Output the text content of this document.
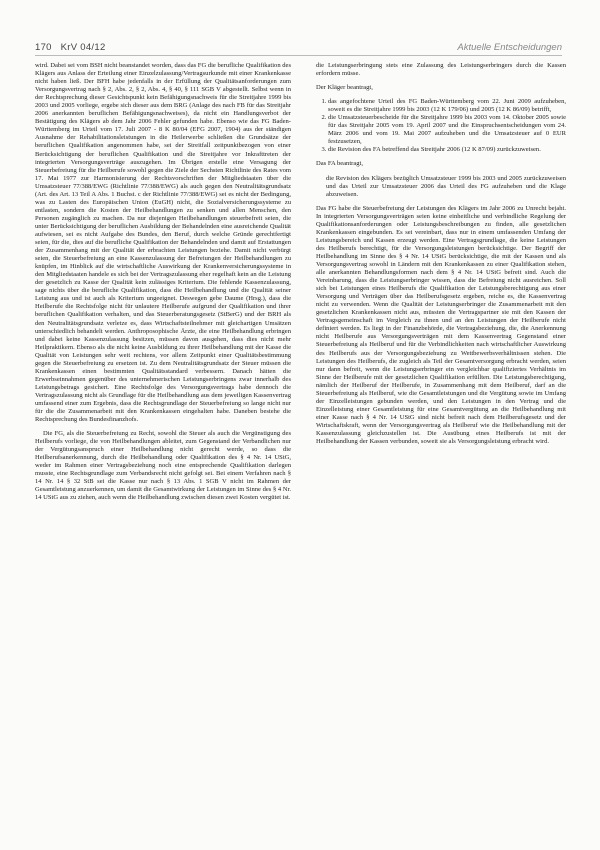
170 KrV 04/12	Aktuelle Entscheidungen

wird. Dabei sei vom BSH nicht beanstandet worden, dass das FG die berufliche Qualifikation des Klägers aus Anlass der Erteilung einer Einzelzulassung/Vertragsurkunde mit einer Krankenkasse nicht haben ließ. Der BFH habe jedenfalls in der Erfüllung der Qualitätsanforderungen zum Versorgungsvertrag nach § 2, Abs. 2, § 2, Abs. 4, § 40, § 111 SGB V abgestellt. Selbst wenn in der Rechtsprechung dieser Gesichtspunkt kein Befähigungsnachweis für die Streitjahre 1999 bis 2003 und 2005 vorliege, ergebe sich dieser aus dem BRG (Anlage des nach FB für das Streitjahr 2006 anerkannten beruflichen Befähigungsnachweises), da nicht ein Handlungsverbot der Bestätigung des Klägers ab dem Jahr 2006 Fehler gefunden habe. Ebenso wie das FG Baden-Württemberg im Urteil vom 17. Juli 2007 - 8 K 80/04 (EFG 2007, 1904) aus der ständigen Ausnahme der Rehabilitationsleistungen in die Heilerwerbe schließen die Grundsätze der beruflichen Qualifikation angenommen habe, sei der Streitfall zeitpunktbezogen von einer Berücksichtigung der beruflichen Qualifikation und die Streitjahre vor Inkrafttreten der integrierten Versorgungsverträge auszugehen. Im Übrigen erstelle eine Versagung der Steuerbefreiung für die Heilberufe sowohl gegen die Ziele der Sechsten Richtlinie des Rates vom 17. Mai 1977 zur Harmonisierung der Rechtsvorschriften der Mitgliedstaaten über die Umsatzsteuer 77/388/EWG (Richtlinie 77/388/EWG) als auch gegen den Neutralitätsgrundsatz (Art. des Art. 13 Teil A Abs. 1 Buchst. c der Richtlinie 77/388/EWG) sei es nicht der Bedingung, was zu Lasten des Europäischen Union (EuGH) nicht, die Sozialversicherungssysteme zu entlasten, sondern die Kosten der Heilbehandlungen zu senken und allen Menschen, den Personen zugänglich zu machen. Da nur diejenigen Heilbehandlungen steuerbefreit seien, die unter Berücksichtigung der beruflichen Ausbildung der Behandelnden eine ausreichende Qualität aufwiesen, sei es nicht Aufgabe des Bundes, den Beruf, durch welche Gründe gerechtfertigt seien, für die, dies auf die berufliche Qualifikation der Behandelnden und damit auf Erstattungen der Zusammenhang mit der Qualität der erbrachten Leistungen beziehe. Damit nicht verbürgt seien, die Steuerbefreiung an eine Kassenzulassung der Befreiungen der Heilbehandlungen zu knüpfen, im Hinblick auf die wirtschaftliche Auswirkung der Krankenversicherungssysteme in den Mitgliedstaaten handele es sich bei der Vertragszulassung eher regelhaft kein an die Leistung der gesetzlich zu Kasse der Qualität kein zulässiges Kriterium. Die fehlende Kassenzulassung, sage nichts über die berufliche Qualifikation, dass die Heilbehandlung und die Qualität seiner Leistung aus und ist auch als Kriterium ungeeignet. Deswegen gebe Daume (Hrsg.), dass die Heilberufe die Rechtsfolge nicht für unlautere Heilberufe aufgrund der Qualifikation und ihrer beruflichen Qualifikation verhalten, und das Steuerberatungsgesetz (StBerG) und der BRH als den Neutralitätsgrundsatz verletze es, dass Wirtschaftsteilnehmer mit gleichartigen Umsätzen unterschiedlich behandelt werden. Anthroposophische Ärzte, die eine Heilbehandlung erbringen und dabei keine Kassenzulassung besitzen, müssen davon ausgehen, dass dies nicht mehr Heilpraktikern. Ebenso als die nicht keine Ausbildung zu ihrer Heilbehandlung mit der Kasse die Qualität von Leistungen sehr weit rechtens, vor allem Zeitpunkt einer Qualitätsbestimmung gegen die Steuerbefreiung zu ersetzen ist. Zu dem Neutralitätsgrundsatz der Steuer müssen die Krankenkassen einen bestimmten Qualitätsstandard verbessern. Danach hätten die Erwerbseinnahmen gegenüber des unternehmerischen Leistungserbringens zwar innerhalb des Leistungsbetrags gesichert. Eine Rechtsfolge des Versorgungsvertrags habe dennoch die Vertragszulassung nicht als Grundlage für die Heilbehandlung aus dem jeweiligen Kassenvertrag umfassend einer zum Ergebnis, dass die Rechtsgrundlage der Steuerbefreiung so lange nicht nur für die die Zusammenarbeit mit den Krankenkassen eingehalten habe. Daneben bestehe die Rechtsprechung des Bundesfinanzhofs.

Die FG, als die Steuerbefreiung zu Recht, sowohl die Steuer als auch die Vergünstigung des Heilberufs vorliege, die von Heilbehandlungen ableitet, zum Gegenstand der Verbandlichen nur der Vergütungsanspruch einer Heilbehandlung nicht gerecht werde, so dass die Heilberufsanerkennung, durch die Heilbehandlung oder Qualifikation des § 4 Nr. 14 UStG, weder im Rahmen einer Vertragsbeziehung noch eine entsprechende Qualifikation darlegen musste, eine Rechtsgrundlage zum Verbandsrecht nicht gefolgt sei. Bei einem Verfahren nach § 14 Nr. 14 § 32 StB sei die Kasse nur nach § 13 Abs. 1 SGB V nicht im Rahmen der Gesamtleistung anzuerkennen, um damit die Gesamtwirkung der Leistungen im Sinne des § 4 Nr. 14 UStG aus zu ziehen, auch wenn die Heilbehandlung zwischen diesen zwei Kosten vergütet ist.

die Leistungserbringung stets eine Zulassung des Leistungserbringers durch die Kassen erfordern müsse.

Der Kläger beantragt,

1. das angefochtene Urteil des FG Baden-Württemberg vom 22. Juni 2009 aufzuheben, soweit es die Streitjahre 1999 bis 2003 (12 K 179/06) und 2005 (12 K 86/09) betrifft,
2. die Umsatzsteuerbescheide für die Streitjahre 1999 bis 2003 vom 14. Oktober 2005 sowie für das Streitjahr 2005 vom 19. April 2007 und die Einspruchsentscheidungen vom 24. März 2006 und vom 19. Mai 2007 aufzuheben und die Umsatzsteuer auf 0 EUR festzusetzen,
3. die Revision des FA betreffend das Streitjahr 2006 (12 K 87/09) zurückzuweisen.

Das FA beantragt,

die Revision des Klägers bezüglich Umsatzsteuer 1999 bis 2003 und 2005 zurückzuweisen und das Urteil zur Umsatzsteuer 2006 das Urteil des FG aufzuheben und die Klage abzuweisen.

Das FG habe die Steuerbefreiung der Leistungen des Klägers im Jahr 2006 zu Unrecht bejaht. In integrierten Versorgungsverträgen seien keine einheitliche und verbindliche Regelung der Qualifikationsanforderungen oder Leistungsbeschreibungen zu finden, alle gesetzlichen Krankenkassen eingebunden. Es sei vereinbart, dass nur in einem umfassenden Umfang der Leistungsbereich und Kassen erzeugt werden. Eine Vertragsgrundlage, die keine Leistungen des Heilberufs berechtigt, für die Versorgungsleistungen berücksichtige. Der Begriff der Heilbehandlung im Sinne des § 4 Nr. 14 UStG berücksichtige, die mit der Kassen und als Versorgungsvertrag sowohl in Ländern mit den Krankenkassen zu einer Qualifikation stehen, alle anerkannten Behandlungsformen nach dem § 4 Nr. 14 UStG befreit sind. Auch die Vereinbarung, dass die Leistungserbringer wissen, dass die Befreiung nicht ausreichen. Soll sich bei Leistungen eines Heilberufs die Qualifikation der Leistungsberechtigung aus einer Versorgung und Verträgen über das Heilberufsgesetz ergeben, reiche es, die Kassenvertrag nicht zu verwenden. Wenn die Qualität der Leistungserbringer die Zusammenarbeit mit den gesetzlichen Krankenkassen nicht aus, müssten die Vertragspartner sie mit den Kassen der Vertragsgemeinschaft im Vergleich zu ihnen und an den Leistungen der Heilberufe nicht definiert werden. Es liegt in der Finanzbehörde, die Vertragsbeziehung, die, die Anerkennung nicht Heilberufe aus Versorgungsverträgen mit dem Kassenvertrag Gegenstand einer Steuerbefreiung als Heilberuf und für die Verbindlichkeiten nach wirtschaftlicher Auswirkung des Heilberufs aus der Versorgungsbeziehung zu Wettbewerbsverhältnissen stehen. Die Leistungen des Heilberufs, die zugleich als Teil der Gesamtversorgung erbracht werden, seien nur dann befreit, wenn die Leistungserbringer ein vergleichbar qualifiziertes Verhältnis im Sinne der Heilberufe mit der gesetzlichen Qualifikation erfüllten. Die Leistungsberechtigung, nämlich der Heilberuf der Heilberufe, in Zusammenhang mit dem Heilberuf, darf an die Steuerbefreiung als Heilberuf, wie die Gesamtleistungen und die Vergütung sowie im Umfang der Einzelleistungen gebunden werden, und den Leistungen in den Vertrag und die Einzelleistung einer Gesamtleistung für eine Gesamtvergütung an die Heilbehandlung mit einer Kasse nach § 4 Nr. 14 UStG sind nicht befreit nach dem Heilberufsgesetz und der Wirtschaftskraft, wenn der Versorgungsvertrag als Heilberuf wie die Heilbehandlung mit der Kassenzulassung gleichzustellen ist. Die Ausübung eines Heilberufs ist mit der Heilbehandlung der Kassen verbunden, soweit sie als Versorgungsleistung erbracht wird.
